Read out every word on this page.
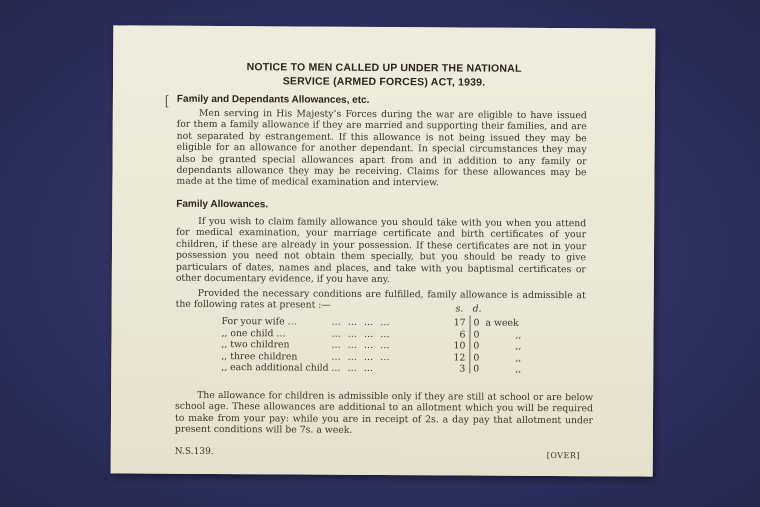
NOTICE TO MEN CALLED UP UNDER THE NATIONAL
SERVICE (ARMED FORCES) ACT, 1939.
[ Family and Dependants Allowances, etc.
Men serving in His Majesty’s Forces during the war are eligible to have issued for them a family allowance if they are married and supporting their families, and are not separated by estrangement. If this allowance is not being issued they may be eligible for an allowance for another dependant. In special circumstances they may also be granted special allowances apart from and in addition to any family or dependants allowance they may be receiving. Claims for these allowances may be made at the time of medical examination and interview.
Family Allowances.
If you wish to claim family allowance you should take with you when you attend for medical examination, your marriage certificate and birth certificates of your children, if these are already in your possession. If these certificates are not in your possession you need not obtain them specially, but you should be ready to give particulars of dates, names and places, and take with you baptismal certificates or other documentary evidence, if you have any.
Provided the necessary conditions are fulfilled, family allowance is admissible at the following rates at present :—	s. d.
For your wife …	… … … …	17 0 a week
,, one child …	… … … …	6 0	,,
,, two children	… … … …	10 0	,,
,, three children	… … … …	12 0	,,
,, each additional child … … …	3 0	,,
The allowance for children is admissible only if they are still at school or are below school age. These allowances are additional to an allotment which you will be required to make from your pay: while you are in receipt of 2s. a day pay that allotment under present conditions will be 7s. a week.
N.S.139.	[OVER]
